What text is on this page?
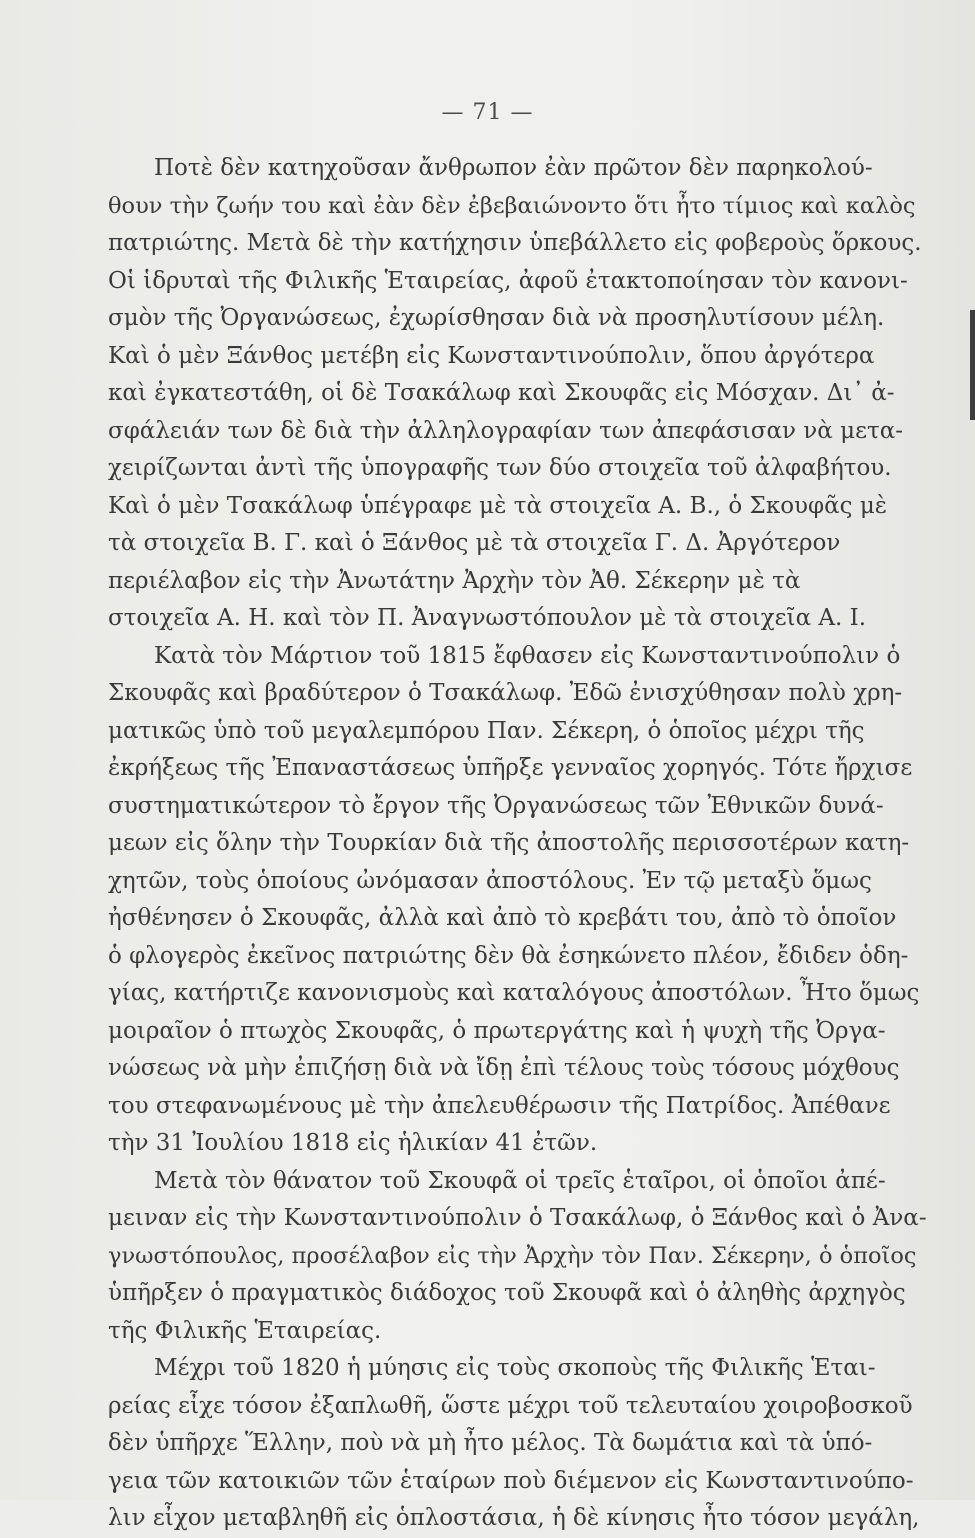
— 71 —
Ποτὲ δὲν κατηχοῦσαν ἄνθρωπον ἐὰν πρῶτον δὲν παρηκολού-
θουν τὴν ζωήν του καὶ ἐὰν δὲν ἐβεβαιώνοντο ὅτι ἦτο τίμιος καὶ καλὸς
πατριώτης. Μετὰ δὲ τὴν κατήχησιν ὑπεβάλλετο εἰς φοβεροὺς ὅρκους.
Οἱ ἱδρυταὶ τῆς Φιλικῆς Ἑταιρείας, ἀφοῦ ἐτακτοποίησαν τὸν κανονι-
σμὸν τῆς Ὀργανώσεως, ἐχωρίσθησαν διὰ νὰ προσηλυτίσουν μέλη.
Καὶ ὁ μὲν Ξάνθος μετέβη εἰς Κωνσταντινούπολιν, ὅπου ἀργότερα
καὶ ἐγκατεστάθη, οἱ δὲ Τσακάλωφ καὶ Σκουφᾶς εἰς Μόσχαν. Δι᾽ ἀ-
σφάλειάν των δὲ διὰ τὴν ἀλληλογραφίαν των ἀπεφάσισαν νὰ μετα-
χειρίζωνται ἀντὶ τῆς ὑπογραφῆς των δύο στοιχεῖα τοῦ ἀλφαβήτου.
Καὶ ὁ μὲν Τσακάλωφ ὑπέγραφε μὲ τὰ στοιχεῖα Α. Β., ὁ Σκουφᾶς μὲ
τὰ στοιχεῖα Β. Γ. καὶ ὁ Ξάνθος μὲ τὰ στοιχεῖα Γ. Δ. Ἀργότερον
περιέλαβον εἰς τὴν Ἀνωτάτην Ἀρχὴν τὸν Ἀθ. Σέκερην μὲ τὰ
στοιχεῖα Α. Η. καὶ τὸν Π. Ἀναγνωστόπουλον μὲ τὰ στοιχεῖα Α. Ι.
Κατὰ τὸν Μάρτιον τοῦ 1815 ἔφθασεν εἰς Κωνσταντινούπολιν ὁ
Σκουφᾶς καὶ βραδύτερον ὁ Τσακάλωφ. Ἐδῶ ἐνισχύθησαν πολὺ χρη-
ματικῶς ὑπὸ τοῦ μεγαλεμπόρου Παν. Σέκερη, ὁ ὁποῖος μέχρι τῆς
ἐκρήξεως τῆς Ἐπαναστάσεως ὑπῆρξε γενναῖος χορηγός. Τότε ἤρχισε
συστηματικώτερον τὸ ἔργον τῆς Ὀργανώσεως τῶν Ἐθνικῶν δυνά-
μεων εἰς ὅλην τὴν Τουρκίαν διὰ τῆς ἀποστολῆς περισσοτέρων κατη-
χητῶν, τοὺς ὁποίους ὠνόμασαν ἀποστόλους. Ἐν τῷ μεταξὺ ὅμως
ἠσθένησεν ὁ Σκουφᾶς, ἀλλὰ καὶ ἀπὸ τὸ κρεβάτι του, ἀπὸ τὸ ὁποῖον
ὁ φλογερὸς ἐκεῖνος πατριώτης δὲν θὰ ἐσηκώνετο πλέον, ἔδιδεν ὁδη-
γίας, κατήρτιζε κανονισμοὺς καὶ καταλόγους ἀποστόλων. Ἦτο ὅμως
μοιραῖον ὁ πτωχὸς Σκουφᾶς, ὁ πρωτεργάτης καὶ ἡ ψυχὴ τῆς Ὀργα-
νώσεως νὰ μὴν ἐπιζήσῃ διὰ νὰ ἴδῃ ἐπὶ τέλους τοὺς τόσους μόχθους
του στεφανωμένους μὲ τὴν ἀπελευθέρωσιν τῆς Πατρίδος. Ἀπέθανε
τὴν 31 Ἰουλίου 1818 εἰς ἡλικίαν 41 ἐτῶν.
Μετὰ τὸν θάνατον τοῦ Σκουφᾶ οἱ τρεῖς ἑταῖροι, οἱ ὁποῖοι ἀπέ-
μειναν εἰς τὴν Κωνσταντινούπολιν ὁ Τσακάλωφ, ὁ Ξάνθος καὶ ὁ Ἀνα-
γνωστόπουλος, προσέλαβον εἰς τὴν Ἀρχὴν τὸν Παν. Σέκερην, ὁ ὁποῖος
ὑπῆρξεν ὁ πραγματικὸς διάδοχος τοῦ Σκουφᾶ καὶ ὁ ἀληθὴς ἀρχηγὸς
τῆς Φιλικῆς Ἑταιρείας.
Μέχρι τοῦ 1820 ἡ μύησις εἰς τοὺς σκοποὺς τῆς Φιλικῆς Ἑται-
ρείας εἶχε τόσον ἐξαπλωθῆ, ὥστε μέχρι τοῦ τελευταίου χοιροβοσκοῦ
δὲν ὑπῆρχε Ἕλλην, ποὺ νὰ μὴ ἦτο μέλος. Τὰ δωμάτια καὶ τὰ ὑπό-
γεια τῶν κατοικιῶν τῶν ἑταίρων ποὺ διέμενον εἰς Κωνσταντινούπο-
λιν εἶχον μεταβληθῆ εἰς ὁπλοστάσια, ἡ δὲ κίνησις ἦτο τόσον μεγάλη,
